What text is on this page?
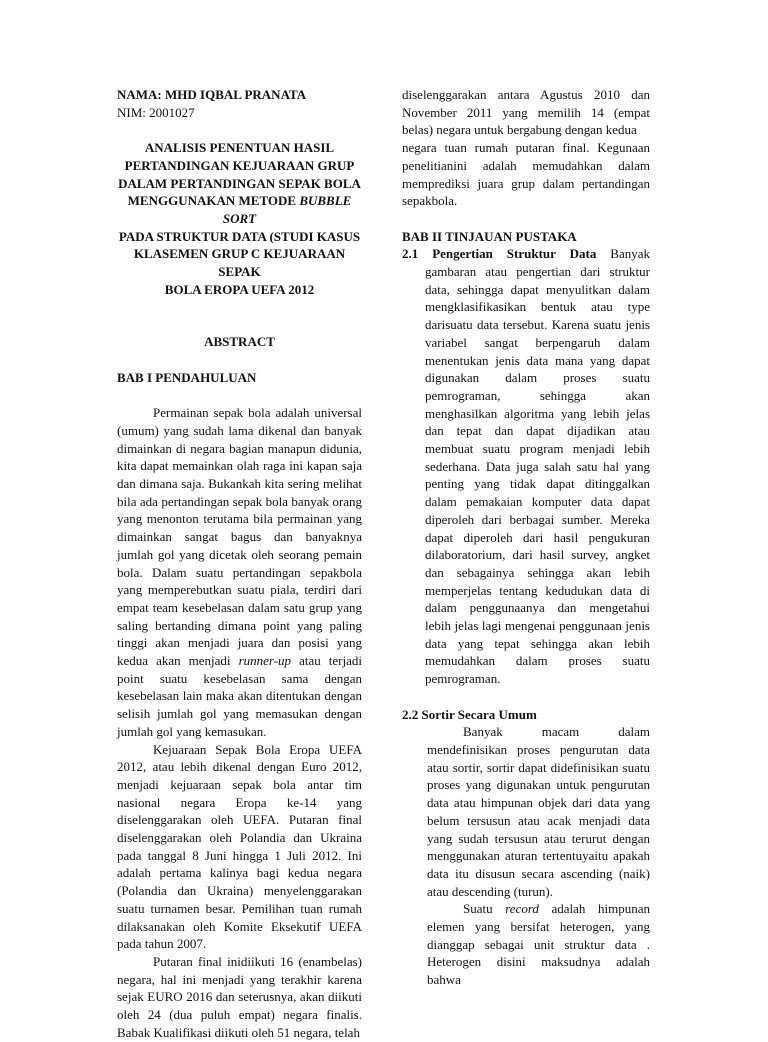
NAMA: MHD IQBAL PRANATA

NIM: 2001027

ANALISIS PENENTUAN HASIL

PERTANDINGAN KEJUARAAN GRUP

DALAM PERTANDINGAN SEPAK BOLA

MENGGUNAKAN METODE BUBBLE SORT

PADA STRUKTUR DATA (STUDI KASUS

KLASEMEN GRUP C KEJUARAAN SEPAK

BOLA EROPA UEFA 2012

ABSTRACT

BAB I PENDAHULUAN

Permainan sepak bola adalah universal (umum) yang sudah lama dikenal dan banyak dimainkan di negara bagian manapun didunia, kita dapat memainkan olah raga ini kapan saja dan dimana saja. Bukankah kita sering melihat bila ada pertandingan sepak bola banyak orang yang menonton terutama bila permainan yang dimainkan sangat bagus dan banyaknya jumlah gol yang dicetak oleh seorang pemain bola. Dalam suatu pertandingan sepakbola yang memperebutkan suatu piala, terdiri dari empat team kesebelasan dalam satu grup yang saling bertanding dimana point yang paling tinggi akan menjadi juara dan posisi yang kedua akan menjadi runner-up atau terjadi point suatu kesebelasan sama dengan kesebelasan lain maka akan ditentukan dengan selisih jumlah gol yang memasukan dengan jumlah gol yang kemasukan.

Kejuaraan Sepak Bola Eropa UEFA 2012, atau lebih dikenal dengan Euro 2012, menjadi kejuaraan sepak bola antar tim nasional negara Eropa ke-14 yang diselenggarakan oleh UEFA. Putaran final diselenggarakan oleh Polandia dan Ukraina pada tanggal 8 Juni hingga 1 Juli 2012. Ini adalah pertama kalinya bagi kedua negara (Polandia dan Ukraina) menyelenggarakan suatu turnamen besar. Pemilihan tuan rumah dilaksanakan oleh Komite Eksekutif UEFA pada tahun 2007.

Putaran final inidiikuti 16 (enambelas) negara, hal ini menjadi yang terakhir karena sejak EURO 2016 dan seterusnya, akan diikuti oleh 24 (dua puluh empat) negara finalis. Babak Kualifikasi diikuti oleh 51 negara, telah

diselenggarakan antara Agustus 2010 dan November 2011 yang memilih 14 (empat belas) negara untuk bergabung dengan kedua

negara tuan rumah putaran final. Kegunaan penelitianini adalah memudahkan dalam memprediksi juara grup dalam pertandingan sepakbola.

BAB II TINJAUAN PUSTAKA

2.1 Pengertian Struktur Data Banyak

gambaran atau pengertian dari struktur data, sehingga dapat menyulitkan dalam mengklasifikasikan bentuk atau type darisuatu data tersebut. Karena suatu jenis variabel sangat berpengaruh dalam menentukan jenis data mana yang dapat digunakan dalam proses suatu pemrograman, sehingga akan menghasilkan algoritma yang lebih jelas dan tepat dan dapat dijadikan atau membuat suatu program menjadi lebih sederhana. Data juga salah satu hal yang penting yang tidak dapat ditinggalkan dalam pemakaian komputer data dapat diperoleh dari berbagai sumber. Mereka dapat diperoleh dari hasil pengukuran dilaboratorium, dari hasil survey, angket dan sebagainya sehingga akan lebih memperjelas tentang kedudukan data di dalam penggunaanya dan mengetahui lebih jelas lagi mengenai penggunaan jenis data yang tepat sehingga akan lebih memudahkan dalam proses suatu pemrograman.

2.2 Sortir Secara Umum

Banyak macam dalam mendefinisikan proses pengurutan data atau sortir, sortir dapat didefinisikan suatu proses yang digunakan untuk pengurutan data atau himpunan objek dari data yang belum tersusun atau acak menjadi data yang sudah tersusun atau terurut dengan menggunakan aturan tertentuyaitu apakah data itu disusun secara ascending (naik) atau descending (turun).

Suatu record adalah himpunan elemen yang bersifat heterogen, yang dianggap sebagai unit struktur data . Heterogen disini maksudnya adalah bahwa
